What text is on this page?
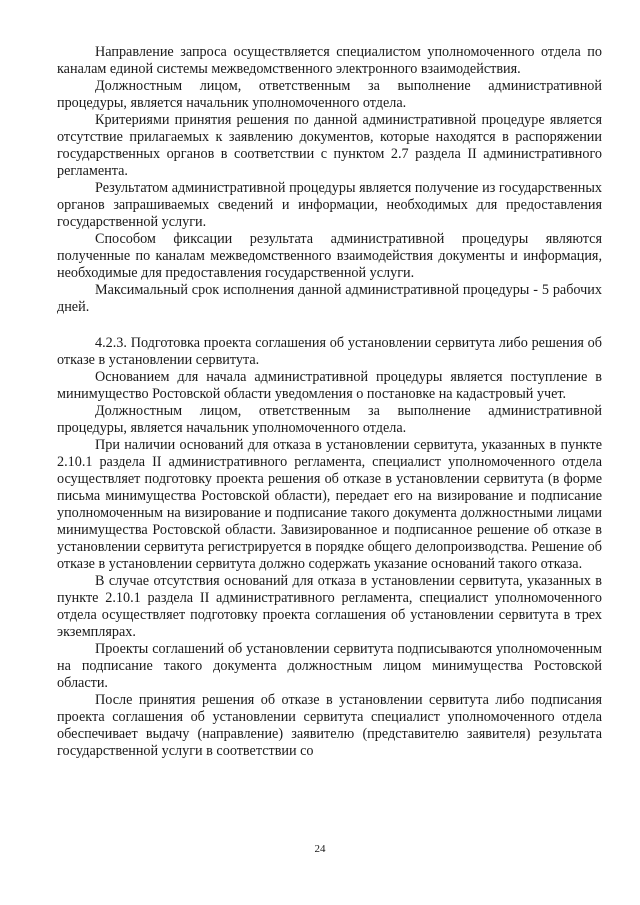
Направление запроса осуществляется специалистом уполномоченного отдела по каналам единой системы межведомственного электронного взаимодействия.

Должностным лицом, ответственным за выполнение административной процедуры, является начальник уполномоченного отдела.

Критериями принятия решения по данной административной процедуре является отсутствие прилагаемых к заявлению документов, которые находятся в распоряжении государственных органов в соответствии с пунктом 2.7 раздела II административного регламента.

Результатом административной процедуры является получение из государственных органов запрашиваемых сведений и информации, необходимых для предоставления государственной услуги.

Способом фиксации результата административной процедуры являются полученные по каналам межведомственного взаимодействия документы и информация, необходимые для предоставления государственной услуги.

Максимальный срок исполнения данной административной процедуры - 5 рабочих дней.

4.2.3. Подготовка проекта соглашения об установлении сервитута либо решения об отказе в установлении сервитута.

Основанием для начала административной процедуры является поступление в минимущество Ростовской области уведомления о постановке на кадастровый учет.

Должностным лицом, ответственным за выполнение административной процедуры, является начальник уполномоченного отдела.

При наличии оснований для отказа в установлении сервитута, указанных в пункте 2.10.1 раздела II административного регламента, специалист уполномоченного отдела осуществляет подготовку проекта решения об отказе в установлении сервитута (в форме письма минимущества Ростовской области), передает его на визирование и подписание уполномоченным на визирование и подписание такого документа должностными лицами минимущества Ростовской области. Завизированное и подписанное решение об отказе в установлении сервитута регистрируется в порядке общего делопроизводства. Решение об отказе в установлении сервитута должно содержать указание оснований такого отказа.

В случае отсутствия оснований для отказа в установлении сервитута, указанных в пункте 2.10.1 раздела II административного регламента, специалист уполномоченного отдела осуществляет подготовку проекта соглашения об установлении сервитута в трех экземплярах.

Проекты соглашений об установлении сервитута подписываются уполномоченным на подписание такого документа должностным лицом минимущества Ростовской области.

После принятия решения об отказе в установлении сервитута либо подписания проекта соглашения об установлении сервитута специалист уполномоченного отдела обеспечивает выдачу (направление) заявителю (представителю заявителя) результата государственной услуги в соответствии со

24
